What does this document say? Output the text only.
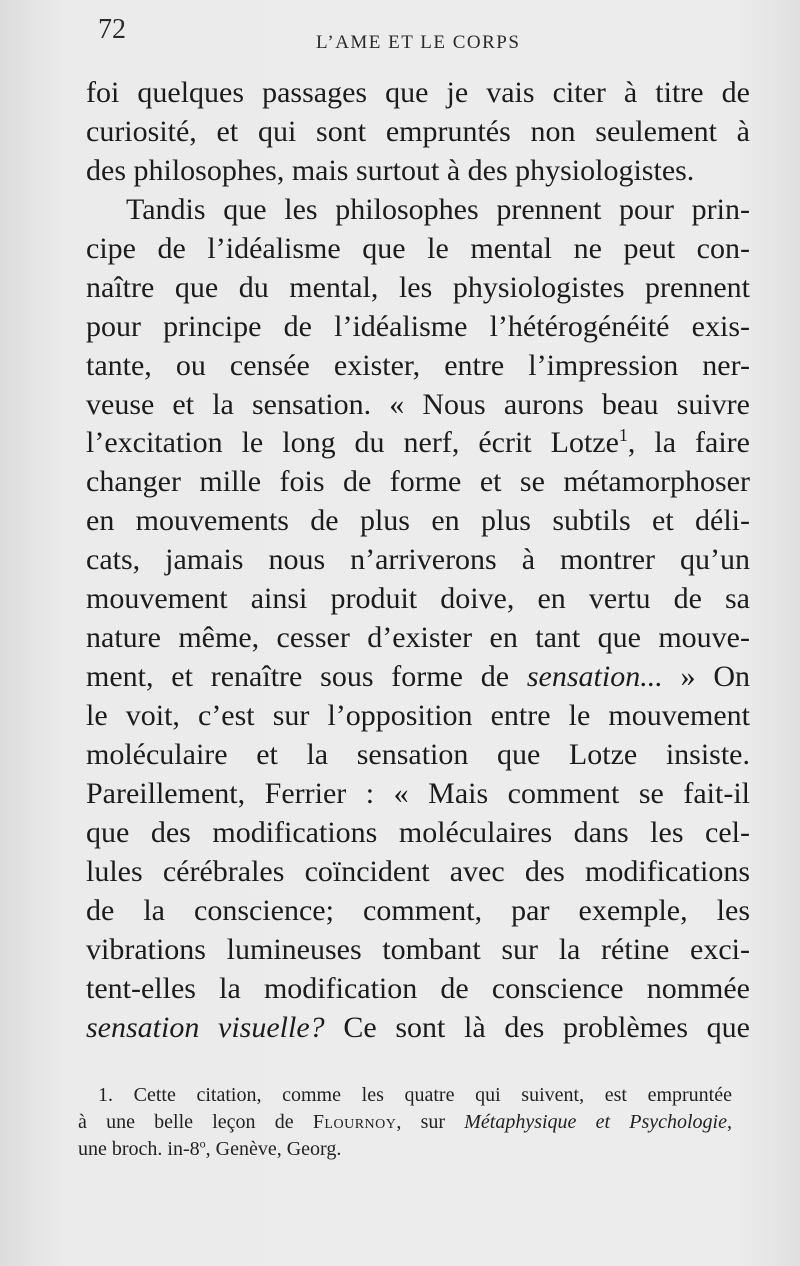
72	L’AME ET LE CORPS
foi quelques passages que je vais citer à titre de
curiosité, et qui sont empruntés non seulement à
des philosophes, mais surtout à des physiologistes.
Tandis que les philosophes prennent pour prin-
cipe de l’idéalisme que le mental ne peut con-
naître que du mental, les physiologistes prennent
pour principe de l’idéalisme l’hétérogénéité exis-
tante, ou censée exister, entre l’impression ner-
veuse et la sensation. « Nous aurons beau suivre
l’excitation le long du nerf, écrit Lotze$^1$, la faire
changer mille fois de forme et se métamorphoser
en mouvements de plus en plus subtils et déli-
cats, jamais nous n’arriverons à montrer qu’un
mouvement ainsi produit doive, en vertu de sa
nature même, cesser d’exister en tant que mouve-
ment, et renaître sous forme de sensation... » On
le voit, c’est sur l’opposition entre le mouvement
moléculaire et la sensation que Lotze insiste.
Pareillement, Ferrier : « Mais comment se fait-il
que des modifications moléculaires dans les cel-
lules cérébrales coïncident avec des modifications
de la conscience; comment, par exemple, les
vibrations lumineuses tombant sur la rétine exci-
tent-elles la modification de conscience nommée
sensation visuelle? Ce sont là des problèmes que
1. Cette citation, comme les quatre qui suivent, est empruntée
à une belle leçon de Flournoy, sur Métaphysique et Psychologie,
une broch. in-8$^o$, Genève, Georg.
